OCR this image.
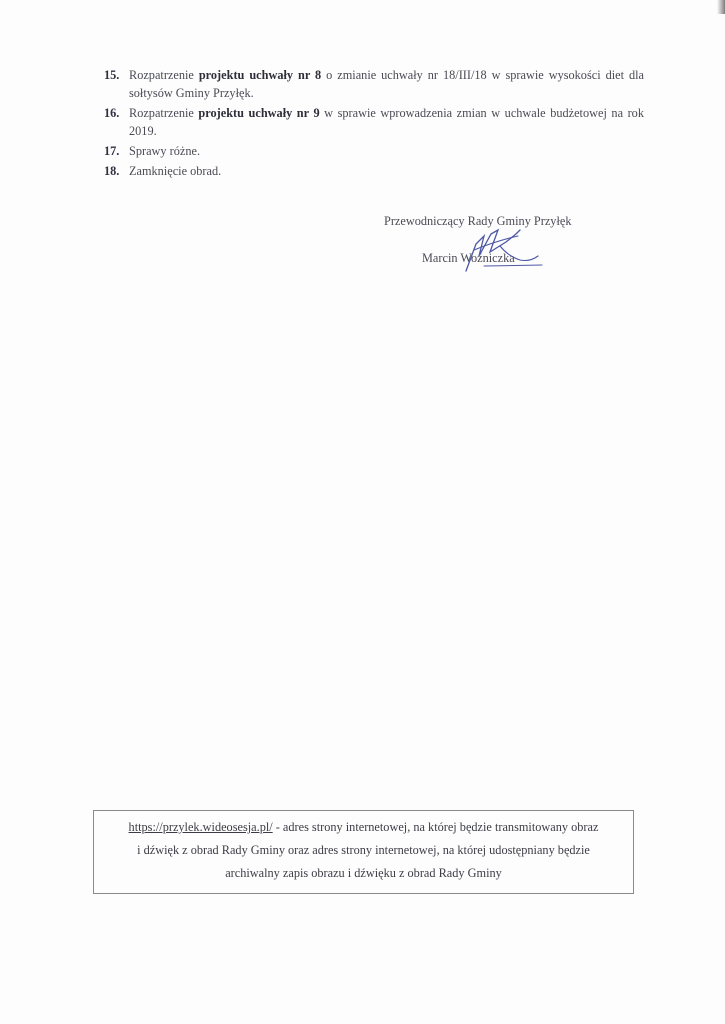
15. Rozpatrzenie projektu uchwały nr 8 o zmianie uchwały nr 18/III/18 w sprawie wysokości diet dla sołtysów Gminy Przyłęk.
16. Rozpatrzenie projektu uchwały nr 9 w sprawie wprowadzenia zmian w uchwale budżetowej na rok 2019.
17. Sprawy różne.
18. Zamknięcie obrad.
Przewodniczący Rady Gminy Przyłęk
Marcin Woźniczka
https://przylek.wideosesja.pl/ - adres strony internetowej, na której będzie transmitowany obraz
i dźwięk z obrad Rady Gminy oraz adres strony internetowej, na której udostępniany będzie
archiwalny zapis obrazu i dźwięku z obrad Rady Gminy
